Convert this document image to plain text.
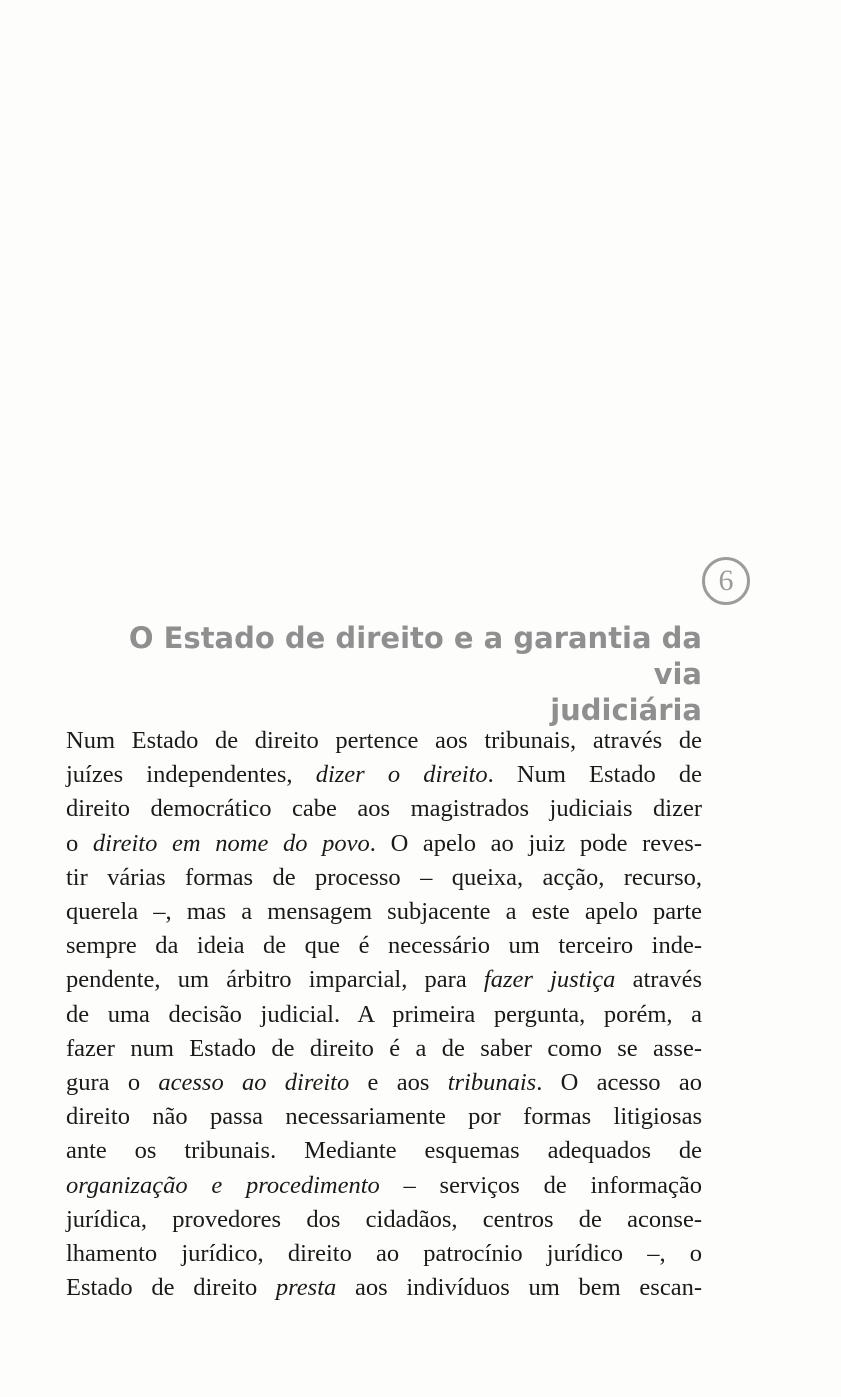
6
O Estado de direito e a garantia da via
judiciária
Num Estado de direito pertence aos tribunais, através de
juízes independentes, dizer o direito. Num Estado de
direito democrático cabe aos magistrados judiciais dizer
o direito em nome do povo. O apelo ao juiz pode reves-
tir várias formas de processo – queixa, acção, recurso,
querela –, mas a mensagem subjacente a este apelo parte
sempre da ideia de que é necessário um terceiro inde-
pendente, um árbitro imparcial, para fazer justiça através
de uma decisão judicial. A primeira pergunta, porém, a
fazer num Estado de direito é a de saber como se asse-
gura o acesso ao direito e aos tribunais. O acesso ao
direito não passa necessariamente por formas litigiosas
ante os tribunais. Mediante esquemas adequados de
organização e procedimento – serviços de informação
jurídica, provedores dos cidadãos, centros de aconse-
lhamento jurídico, direito ao patrocínio jurídico –, o
Estado de direito presta aos indivíduos um bem escan-
